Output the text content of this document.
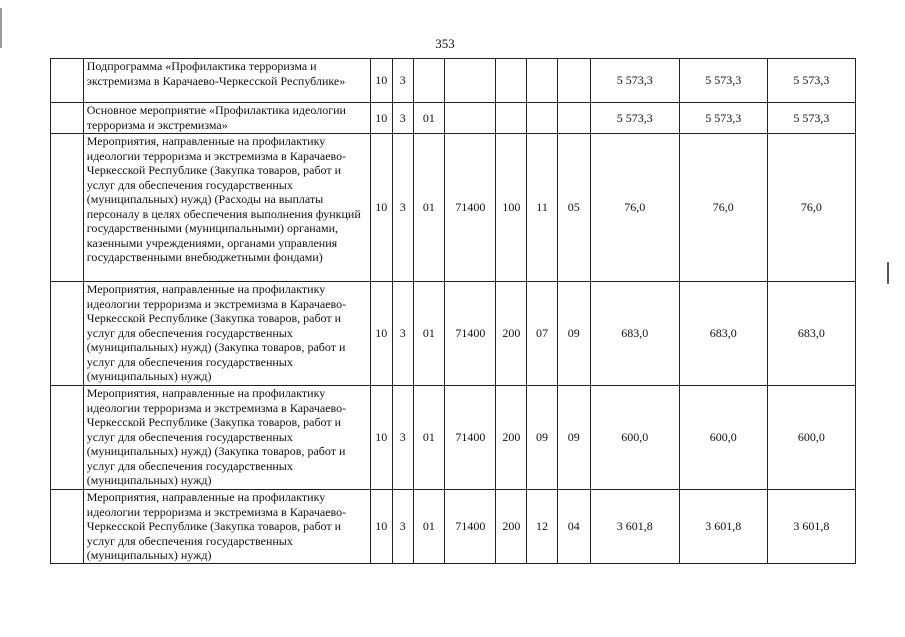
353
	Подпрограмма «Профилактика терроризма и экстремизма в Карачаево-Черкесской Республике»	10	3						5 573,3	5 573,3	5 573,3
	Основное мероприятие «Профилактика идеологии терроризма и экстремизма»	10	3	01					5 573,3	5 573,3	5 573,3
	Мероприятия, направленные на профилактику идеологии терроризма и экстремизма в Карачаево-Черкесской Республике (Закупка товаров, работ и услуг для обеспечения государственных (муниципальных) нужд) (Расходы на выплаты персоналу в целях обеспечения выполнения функций государственными (муниципальными) органами, казенными учреждениями, органами управления государственными внебюджетными фондами)	10	3	01	71400	100	11	05	76,0	76,0	76,0
	Мероприятия, направленные на профилактику идеологии терроризма и экстремизма в Карачаево-Черкесской Республике (Закупка товаров, работ и услуг для обеспечения государственных (муниципальных) нужд) (Закупка товаров, работ и услуг для обеспечения государственных (муниципальных) нужд)	10	3	01	71400	200	07	09	683,0	683,0	683,0
	Мероприятия, направленные на профилактику идеологии терроризма и экстремизма в Карачаево-Черкесской Республике (Закупка товаров, работ и услуг для обеспечения государственных (муниципальных) нужд) (Закупка товаров, работ и услуг для обеспечения государственных (муниципальных) нужд)	10	3	01	71400	200	09	09	600,0	600,0	600,0
	Мероприятия, направленные на профилактику идеологии терроризма и экстремизма в Карачаево-Черкесской Республике (Закупка товаров, работ и услуг для обеспечения государственных (муниципальных) нужд)	10	3	01	71400	200	12	04	3 601,8	3 601,8	3 601,8
